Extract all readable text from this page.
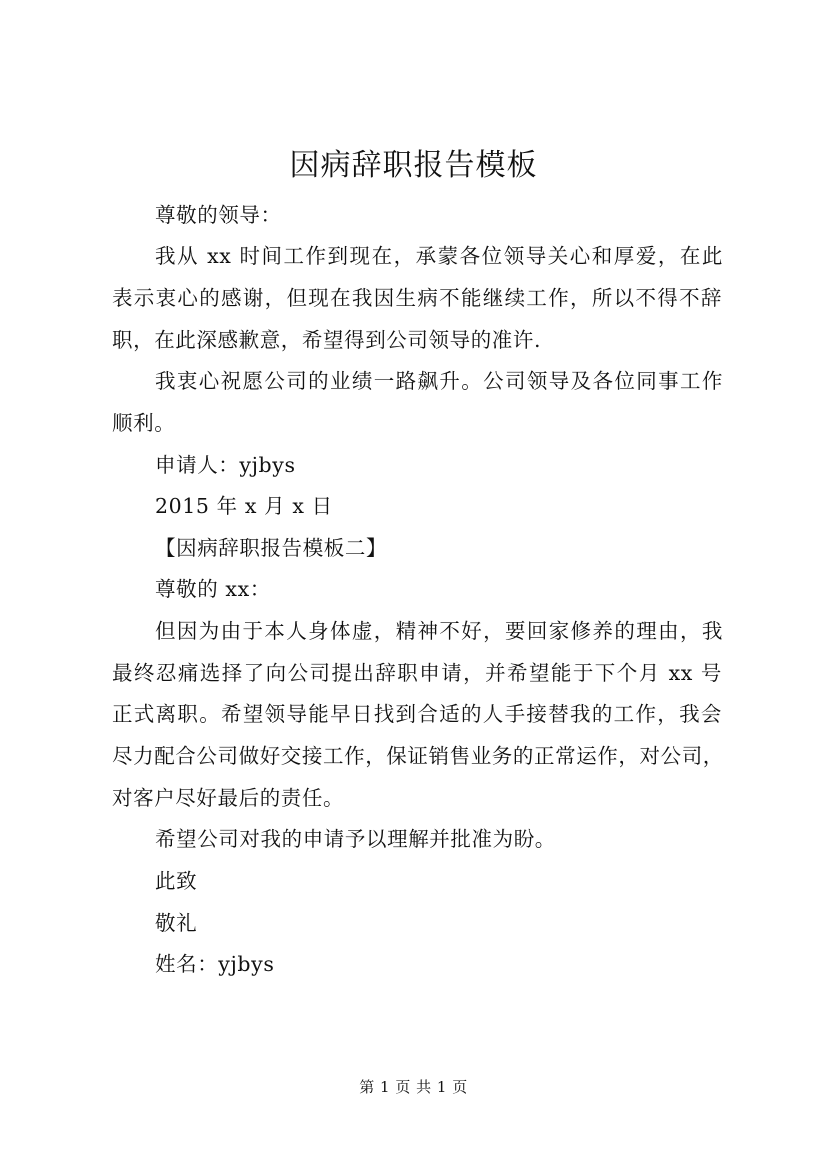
因病辞职报告模板
尊敬的领导：
我从 xx 时间工作到现在，承蒙各位领导关心和厚爱，在此
表示衷心的感谢，但现在我因生病不能继续工作，所以不得不辞
职，在此深感歉意，希望得到公司领导的准许.
我衷心祝愿公司的业绩一路飙升。公司领导及各位同事工作
顺利。
申请人：yjbys
2015 年 x 月 x 日
【因病辞职报告模板二】
尊敬的 xx：
但因为由于本人身体虚，精神不好，要回家修养的理由，我
最终忍痛选择了向公司提出辞职申请，并希望能于下个月 xx 号
正式离职。希望领导能早日找到合适的人手接替我的工作，我会
尽力配合公司做好交接工作，保证销售业务的正常运作，对公司，
对客户尽好最后的责任。
希望公司对我的申请予以理解并批准为盼。
此致
敬礼
姓名：yjbys
第 1 页 共 1 页
